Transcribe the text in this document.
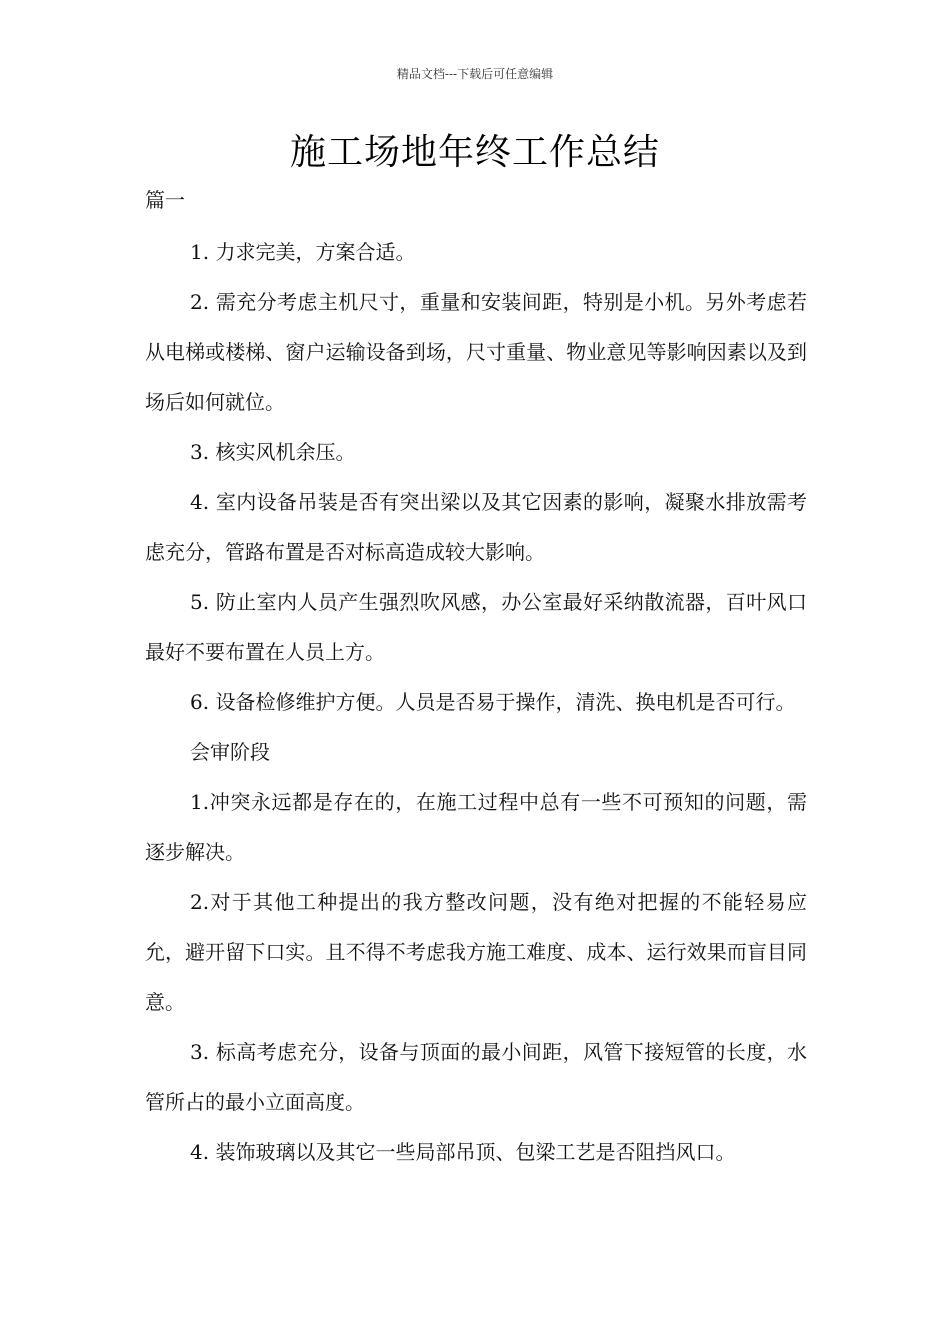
精品文档---下载后可任意编辑
施工场地年终工作总结
篇一

1. 力求完美，方案合适。

2. 需充分考虑主机尺寸，重量和安装间距，特别是小机。另外考虑若从电梯或楼梯、窗户运输设备到场，尺寸重量、物业意见等影响因素以及到场后如何就位。

3. 核实风机余压。

4. 室内设备吊装是否有突出梁以及其它因素的影响，凝聚水排放需考虑充分，管路布置是否对标高造成较大影响。

5. 防止室内人员产生强烈吹风感，办公室最好采纳散流器，百叶风口最好不要布置在人员上方。

6. 设备检修维护方便。人员是否易于操作，清洗、换电机是否可行。

会审阶段

1.冲突永远都是存在的，在施工过程中总有一些不可预知的问题，需逐步解决。

2.对于其他工种提出的我方整改问题，没有绝对把握的不能轻易应允，避开留下口实。且不得不考虑我方施工难度、成本、运行效果而盲目同意。

3. 标高考虑充分，设备与顶面的最小间距，风管下接短管的长度，水管所占的最小立面高度。

4. 装饰玻璃以及其它一些局部吊顶、包梁工艺是否阻挡风口。
